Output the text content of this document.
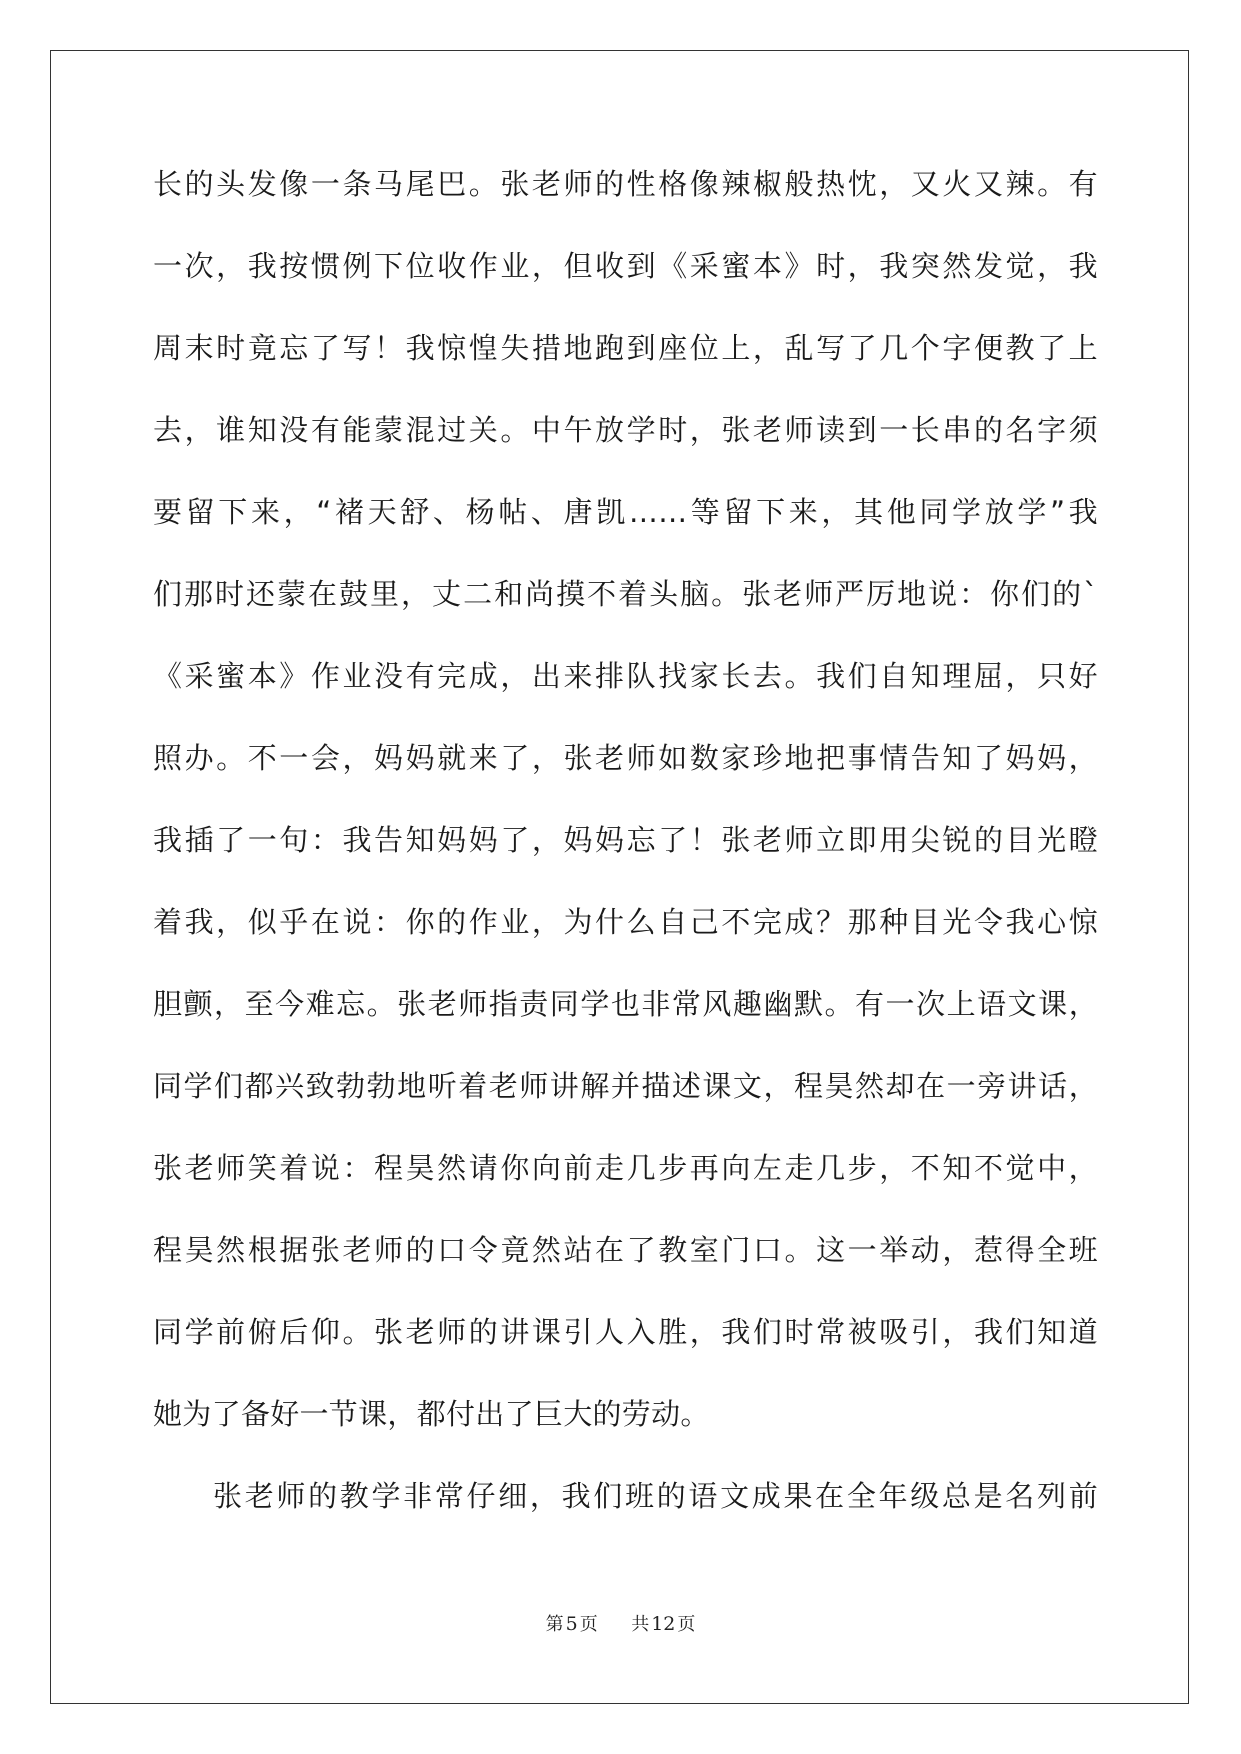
长的头发像一条马尾巴。张老师的性格像辣椒般热忱，又火又辣。有
一次，我按惯例下位收作业，但收到《采蜜本》时，我突然发觉，我
周末时竟忘了写！我惊惶失措地跑到座位上，乱写了几个字便教了上
去，谁知没有能蒙混过关。中午放学时，张老师读到一长串的名字须
要留下来，“褚天舒、杨帖、唐凯……等留下来，其他同学放学”我
们那时还蒙在鼓里，丈二和尚摸不着头脑。张老师严厉地说：你们的`
《采蜜本》作业没有完成，出来排队找家长去。我们自知理屈，只好
照办。不一会，妈妈就来了，张老师如数家珍地把事情告知了妈妈，
我插了一句：我告知妈妈了，妈妈忘了！张老师立即用尖锐的目光瞪
着我，似乎在说：你的作业，为什么自己不完成？那种目光令我心惊
胆颤，至今难忘。张老师指责同学也非常风趣幽默。有一次上语文课，
同学们都兴致勃勃地听着老师讲解并描述课文，程昊然却在一旁讲话，
张老师笑着说：程昊然请你向前走几步再向左走几步，不知不觉中，
程昊然根据张老师的口令竟然站在了教室门口。这一举动，惹得全班
同学前俯后仰。张老师的讲课引人入胜，我们时常被吸引，我们知道
她为了备好一节课，都付出了巨大的劳动。
张老师的教学非常仔细，我们班的语文成果在全年级总是名列前
第 5 页 共 12 页
